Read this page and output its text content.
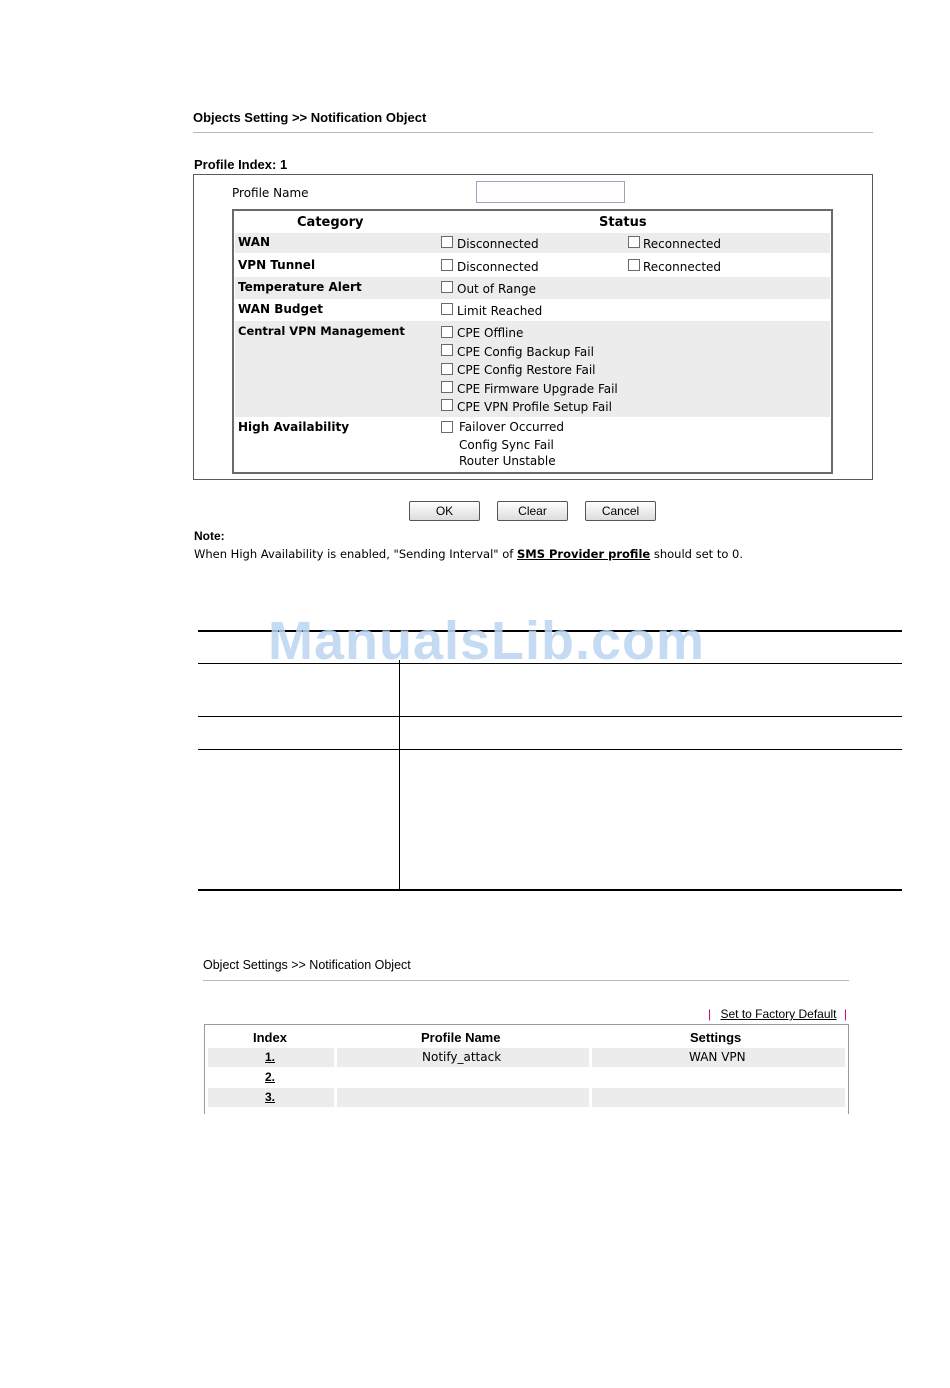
Objects Setting >> Notification Object
Profile Index: 1
Profile Name
Category	Status
WAN	Disconnected	Reconnected
VPN Tunnel	Disconnected	Reconnected
Temperature Alert	Out of Range
WAN Budget	Limit Reached
Central VPN Management	CPE Offline
CPE Config Backup Fail
CPE Config Restore Fail
CPE Firmware Upgrade Fail
CPE VPN Profile Setup Fail
High Availability	Failover Occurred
Config Sync Fail
Router Unstable
OK	Clear	Cancel
Note:
When High Availability is enabled, "Sending Interval" of SMS Provider profile should set to 0.
ManualsLib.com
Object Settings >> Notification Object
| Set to Factory Default |
Index	Profile Name	Settings
1.	Notify_attack	WAN VPN
2.
3.
